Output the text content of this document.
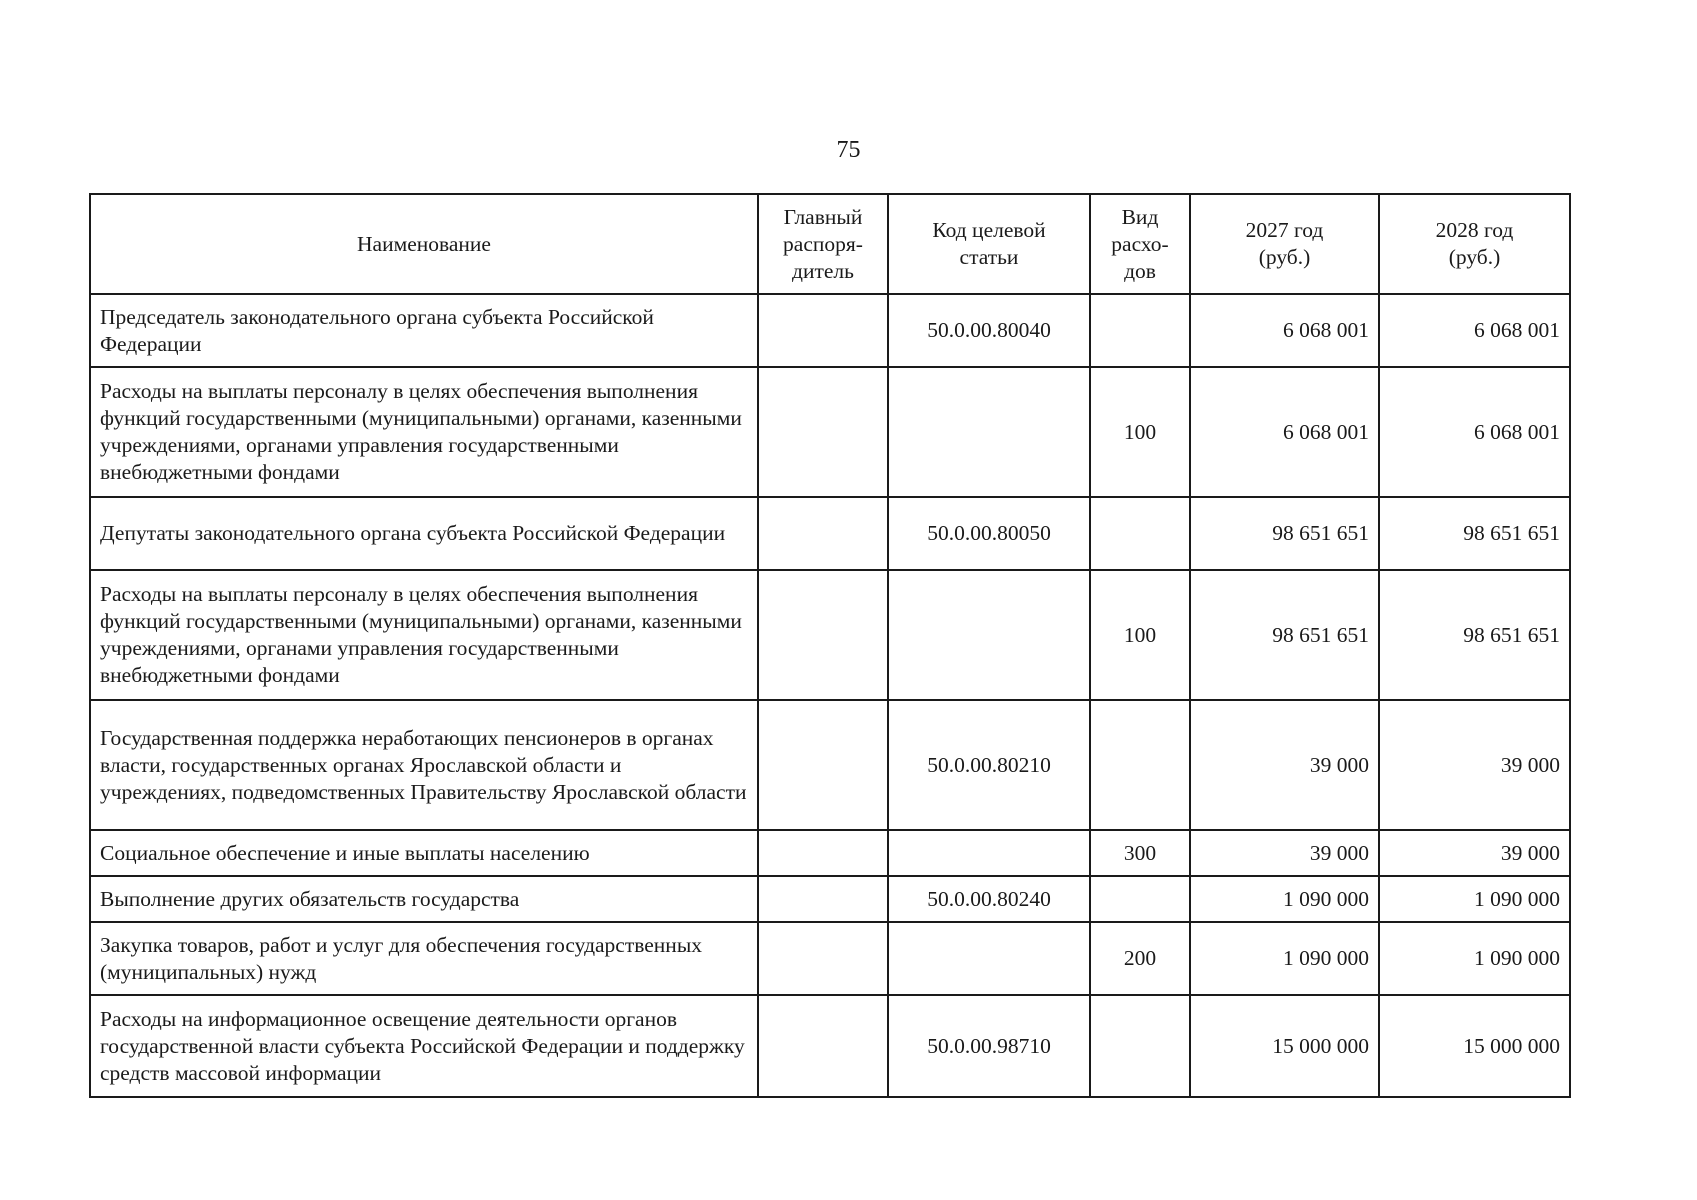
75
Наименование	Главный распоря-дитель	Код целевой статьи	Вид расхо-дов	2027 год (руб.)	2028 год (руб.)
Председатель законодательного органа субъекта Российской Федерации		50.0.00.80040		6 068 001	6 068 001
Расходы на выплаты персоналу в целях обеспечения выполнения функций государственными (муниципальными) органами, казенными учреждениями, органами управления государственными внебюджетными фондами			100	6 068 001	6 068 001
Депутаты законодательного органа субъекта Российской Федерации		50.0.00.80050		98 651 651	98 651 651
Расходы на выплаты персоналу в целях обеспечения выполнения функций государственными (муниципальными) органами, казенными учреждениями, органами управления государственными внебюджетными фондами			100	98 651 651	98 651 651
Государственная поддержка неработающих пенсионеров в органах власти, государственных органах Ярославской области и учреждениях, подведомственных Правительству Ярославской области		50.0.00.80210		39 000	39 000
Социальное обеспечение и иные выплаты населению			300	39 000	39 000
Выполнение других обязательств государства		50.0.00.80240		1 090 000	1 090 000
Закупка товаров, работ и услуг для обеспечения государственных (муниципальных) нужд			200	1 090 000	1 090 000
Расходы на информационное освещение деятельности органов государственной власти субъекта Российской Федерации и поддержку средств массовой информации		50.0.00.98710		15 000 000	15 000 000
